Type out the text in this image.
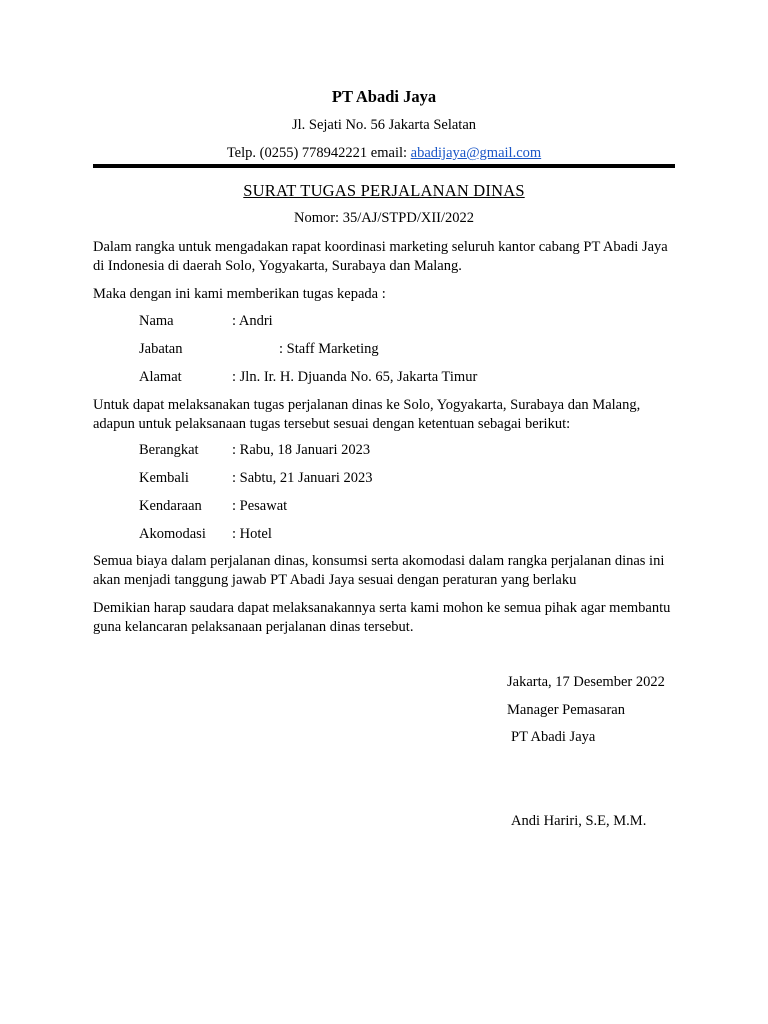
PT Abadi Jaya
Jl. Sejati No. 56 Jakarta Selatan
Telp. (0255) 778942221 email: abadijaya@gmail.com
SURAT TUGAS PERJALANAN DINAS
Nomor: 35/AJ/STPD/XII/2022
Dalam rangka untuk mengadakan rapat koordinasi marketing seluruh kantor cabang PT Abadi Jaya di Indonesia di daerah Solo, Yogyakarta, Surabaya dan Malang.
Maka dengan ini kami memberikan tugas kepada :
Nama	: Andri
Jabatan	: Staff Marketing
Alamat	: Jln. Ir. H. Djuanda No. 65, Jakarta Timur
Untuk dapat melaksanakan tugas perjalanan dinas ke Solo, Yogyakarta, Surabaya dan Malang, adapun untuk pelaksanaan tugas tersebut sesuai dengan ketentuan sebagai berikut:
Berangkat : Rabu, 18 Januari 2023
Kembali	: Sabtu, 21 Januari 2023
Kendaraan : Pesawat
Akomodasi : Hotel
Semua biaya dalam perjalanan dinas, konsumsi serta akomodasi dalam rangka perjalanan dinas ini akan menjadi tanggung jawab PT Abadi Jaya sesuai dengan peraturan yang berlaku
Demikian harap saudara dapat melaksanakannya serta kami mohon ke semua pihak agar membantu guna kelancaran pelaksanaan perjalanan dinas tersebut.
Jakarta, 17 Desember 2022
Manager Pemasaran
PT Abadi Jaya
Andi Hariri, S.E, M.M.
